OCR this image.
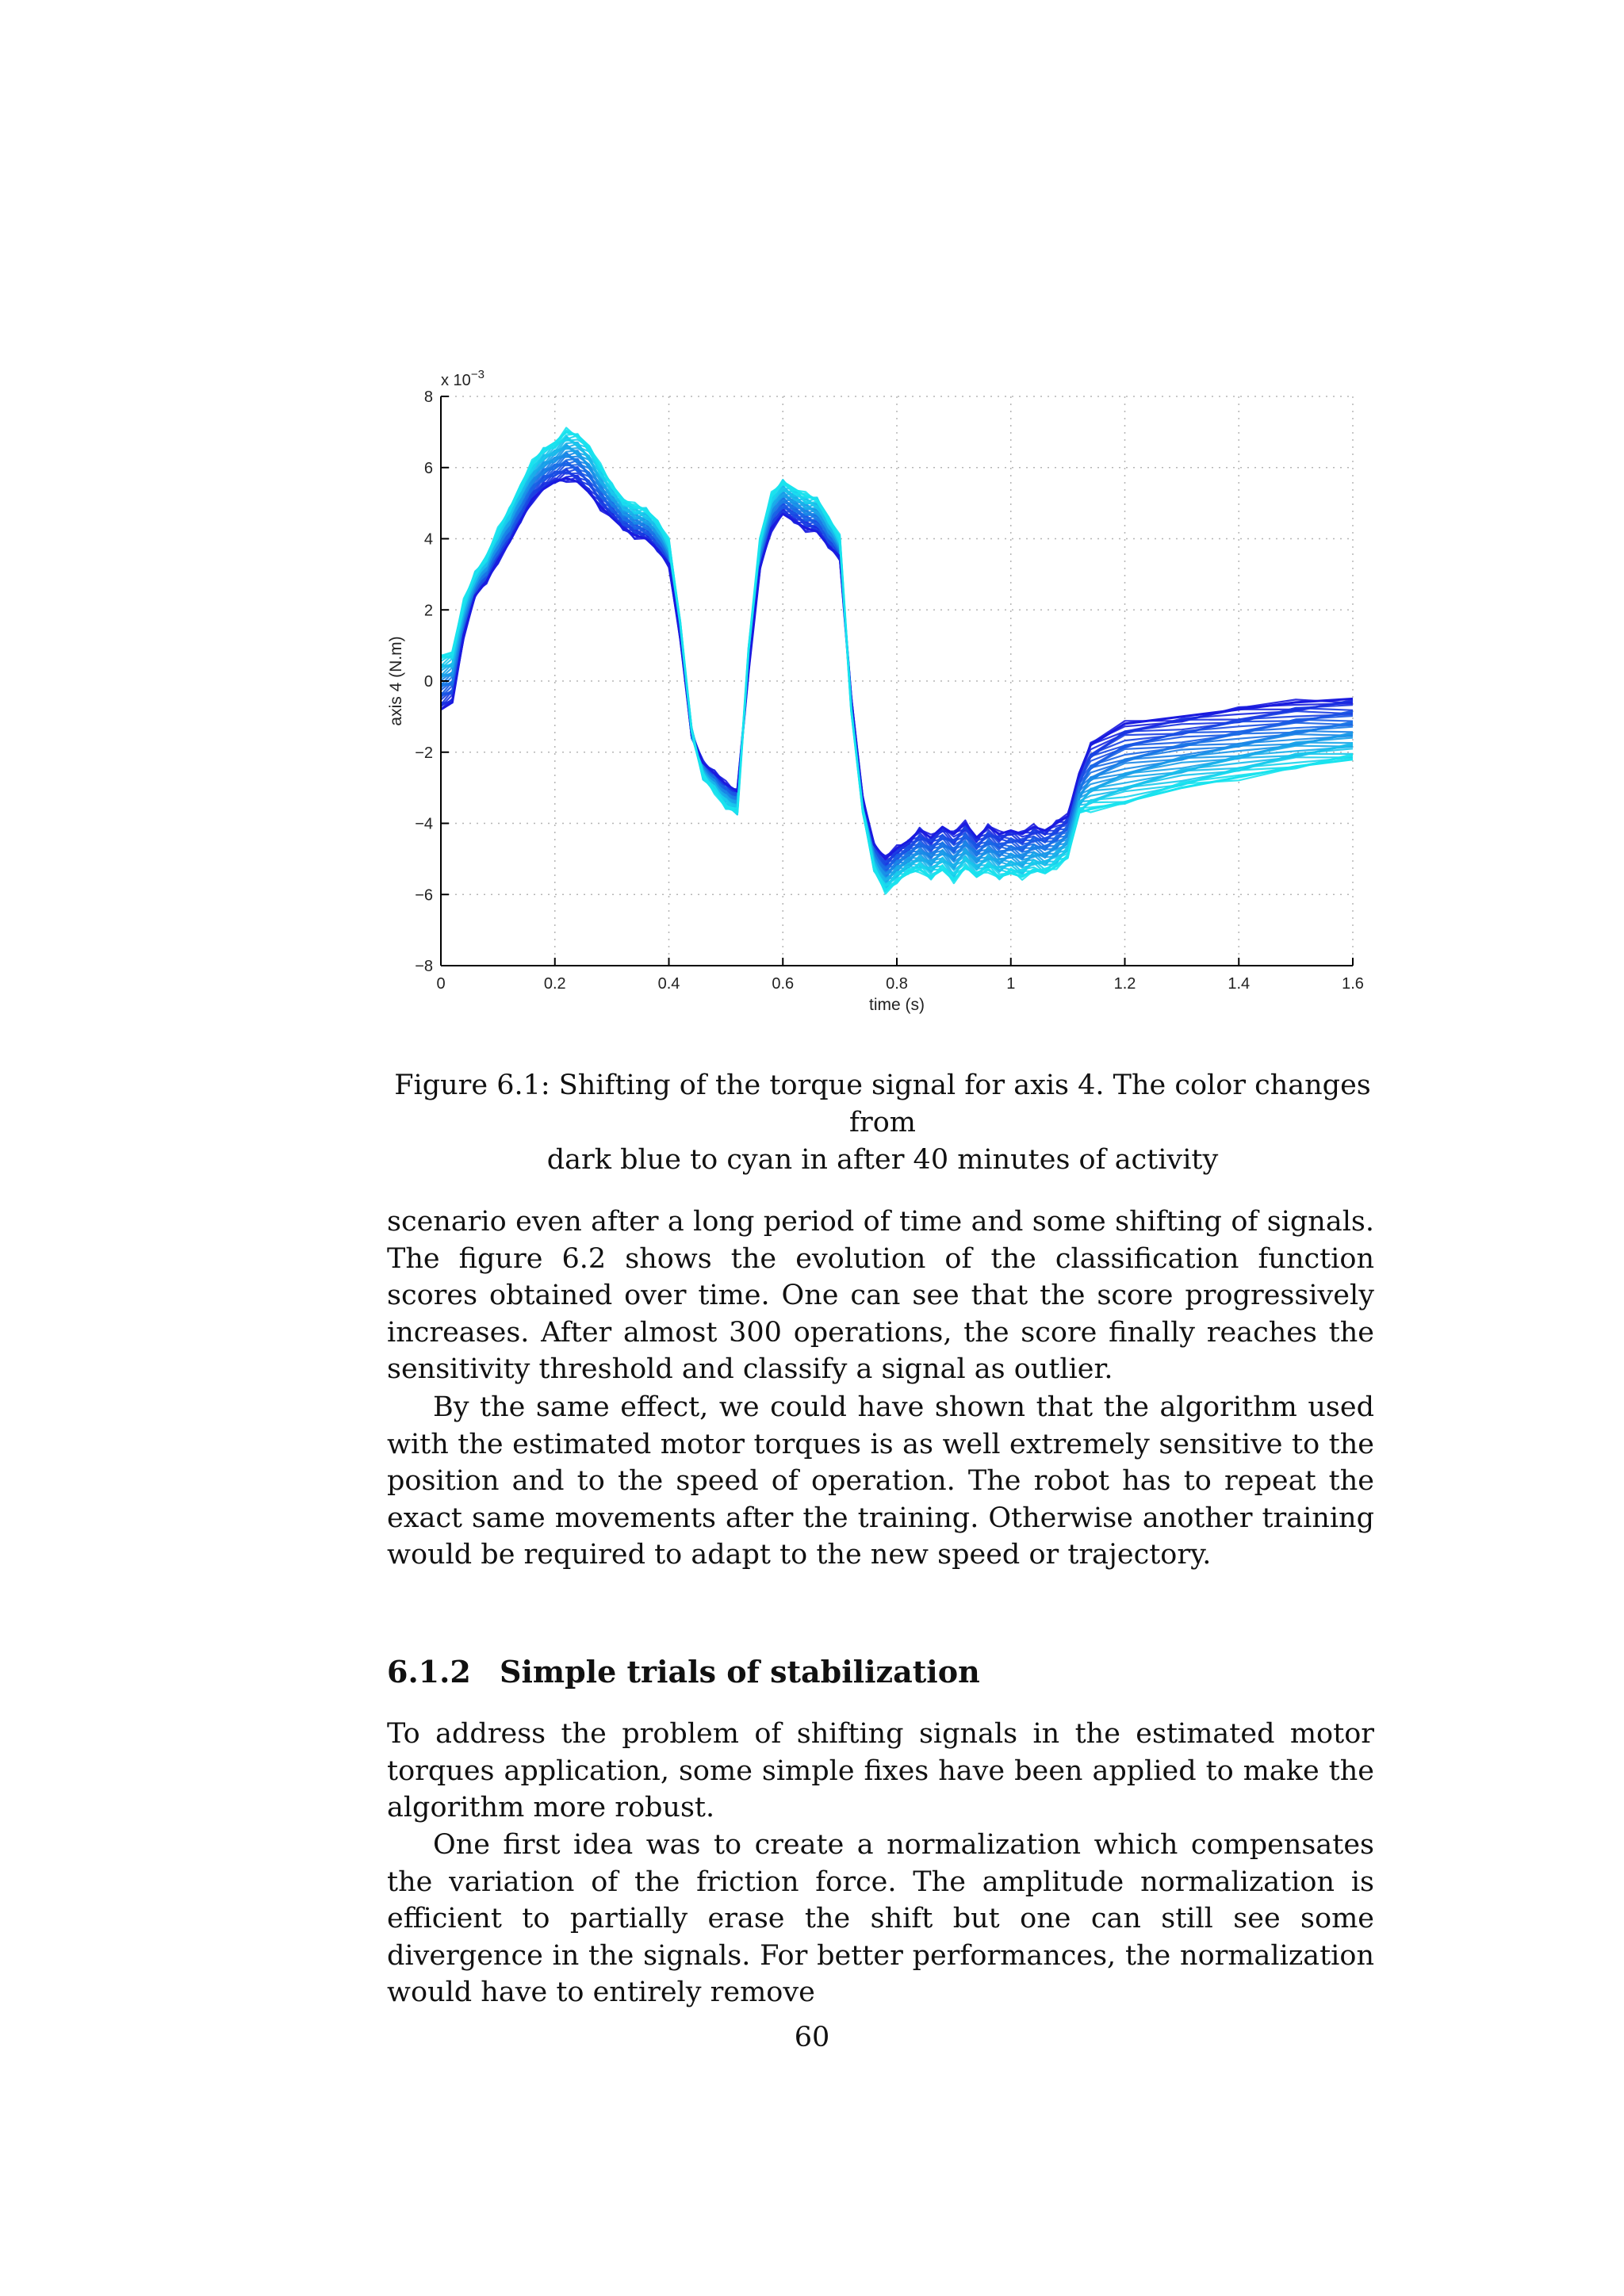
0	0.2	0.4	0.6	0.8	1	1.2	1.4	1.6
−8
−6
−4
−2
0
2
4
6
8
time (s)
axis 4 (N.m)
x $10^{-3}$
Figure 6.1: Shifting of the torque signal for axis 4. The color changes from
dark blue to cyan in after 40 minutes of activity

scenario even after a long period of time and some shifting of signals. The figure 6.2 shows the evolution of the classification function scores obtained over time. One can see that the score progressively increases. After almost 300 operations, the score finally reaches the sensitivity threshold and classify a signal as outlier.

By the same effect, we could have shown that the algorithm used with the estimated motor torques is as well extremely sensitive to the position and to the speed of operation. The robot has to repeat the exact same movements after the training. Otherwise another training would be required to adapt to the new speed or trajectory.

6.1.2 Simple trials of stabilization

To address the problem of shifting signals in the estimated motor torques application, some simple fixes have been applied to make the algorithm more robust.

One first idea was to create a normalization which compensates the variation of the friction force. The amplitude normalization is efficient to partially erase the shift but one can still see some divergence in the signals. For better performances, the normalization would have to entirely remove

60
